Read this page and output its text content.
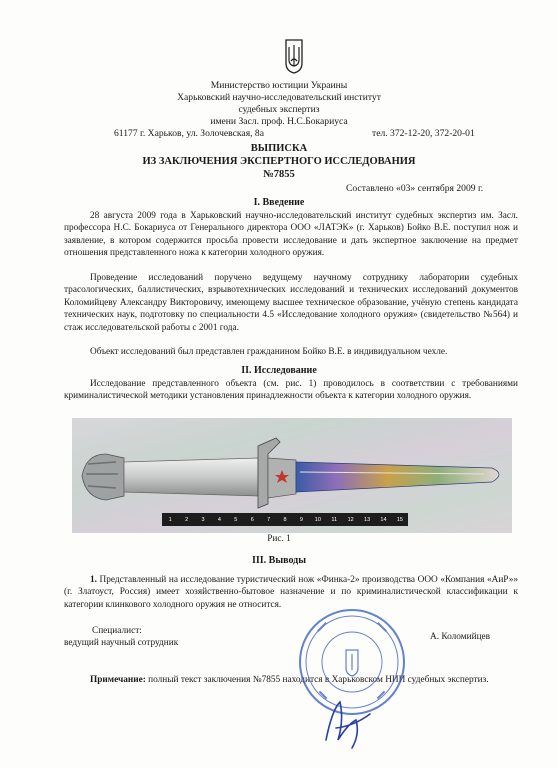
Министерство юстиции Украины
Харьковский научно-исследовательский институт
судебных экспертиз
имени Засл. проф. Н.С.Бокариуса
61177 г. Харьков, ул. Золочевская, 8а	тел. 372-12-20, 372-20-01
ВЫПИСКА
ИЗ ЗАКЛЮЧЕНИЯ ЭКСПЕРТНОГО ИССЛЕДОВАНИЯ
№7855
Составлено «03» сентября 2009 г.
I. Введение
28 августа 2009 года в Харьковский научно-исследовательский институт судебных экспертиз им. Засл. профессора Н.С. Бокариуса от Генерального директора ООО «ЛАТЭК» (г. Харьков) Бойко В.Е. поступил нож и заявление, в котором содержится просьба провести исследование и дать экспертное заключение на предмет отношения представленного ножа к категории холодного оружия.
Проведение исследований поручено ведущему научному сотруднику лаборатории судебных трасологических, баллистических, взрывотехнических исследований и технических исследований документов Коломийцеву Александру Викторовичу, имеющему высшее техническое образование, учёную степень кандидата технических наук, подготовку по специальности 4.5 «Исследование холодного оружия» (свидетельство №564) и стаж исследовательской работы с 2001 года.
Объект исследований был представлен гражданином Бойко В.Е. в индивидуальном чехле.
II. Исследование
Исследование представленного объекта (см. рис. 1) проводилось в соответствии с требованиями криминалистической методики установления принадлежности объекта к категории холодного оружия.
1	2	3	4	5	6	7	8	9	10	11	12	13	14	15
Рис. 1
III. Выводы
1. Представленный на исследование туристический нож «Финка-2» производства ООО «Компания «АиР»» (г. Златоуст, Россия) имеет хозяйственно-бытовое назначение и по криминалистической классификации к категории клинкового холодного оружия не относится.
Специалист:
ведущий научный сотрудник
А. Коломийцев
Примечание: полный текст заключения №7855 находится в Харьковском НИИ судебных экспертиз.
